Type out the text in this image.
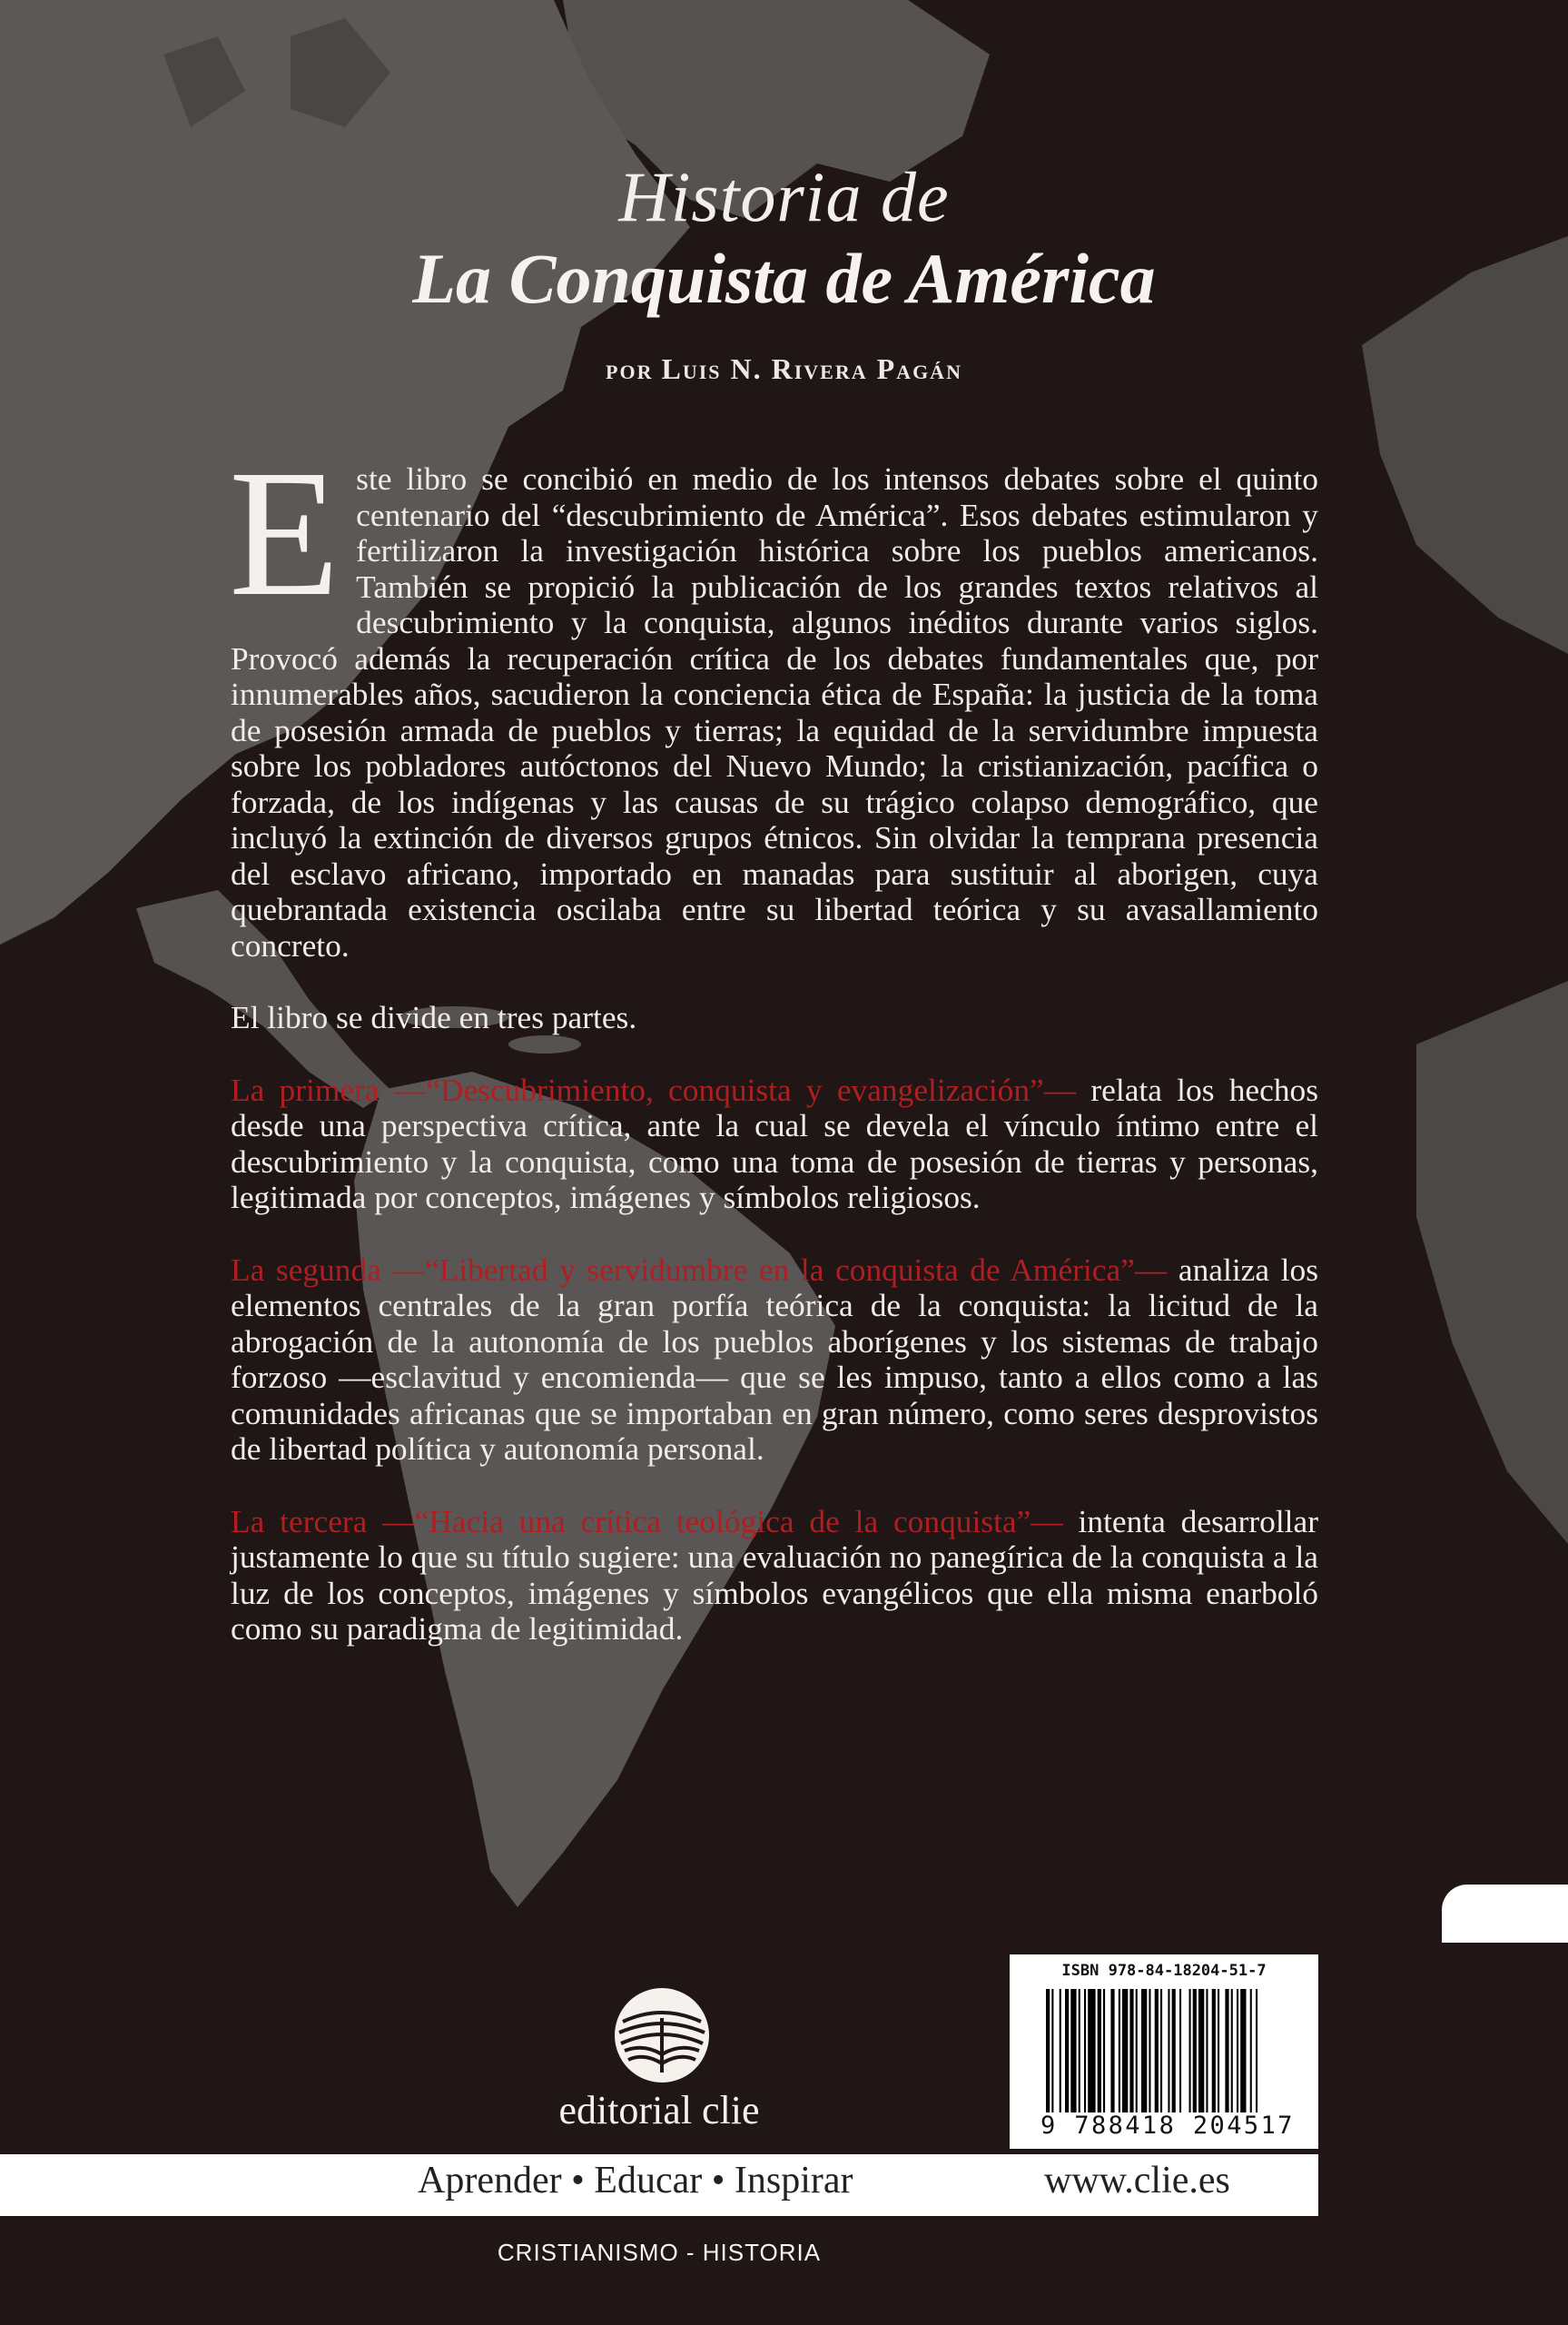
Historia de
La Conquista de América
por Luis N. Rivera Pagán

Este libro se concibió en medio de los intensos debates sobre el quinto centenario del “descubrimiento de América”. Esos debates estimularon y fertilizaron la investigación histórica sobre los pueblos americanos. También se propició la publicación de los grandes textos relativos al descubrimiento y la conquista, algunos inéditos durante varios siglos. Provocó además la recuperación crítica de los debates fundamentales que, por innumerables años, sacudieron la conciencia ética de España: la justicia de la toma de posesión armada de pueblos y tierras; la equidad de la servidumbre impuesta sobre los pobladores autóctonos del Nuevo Mundo; la cristianización, pacífica o forzada, de los indígenas y las causas de su trágico colapso demográfico, que incluyó la extinción de diversos grupos étnicos. Sin olvidar la temprana presencia del esclavo africano, importado en manadas para sustituir al aborigen, cuya quebrantada existencia oscilaba entre su libertad teórica y su avasallamiento concreto.

El libro se divide en tres partes.

La primera —“Descubrimiento, conquista y evangelización”— relata los hechos desde una perspectiva crítica, ante la cual se devela el vínculo íntimo entre el descubrimiento y la conquista, como una toma de posesión de tierras y personas, legitimada por conceptos, imágenes y símbolos religiosos.

La segunda —“Libertad y servidumbre en la conquista de América”— analiza los elementos centrales de la gran porfía teórica de la conquista: la licitud de la abrogación de la autonomía de los pueblos aborígenes y los sistemas de trabajo forzoso —esclavitud y encomienda— que se les impuso, tanto a ellos como a las comunidades africanas que se importaban en gran número, como seres desprovistos de libertad política y autonomía personal.

La tercera —“Hacia una crítica teológica de la conquista”— intenta desarrollar justamente lo que su título sugiere: una evaluación no panegírica de la conquista a la luz de los conceptos, imágenes y símbolos evangélicos que ella misma enarboló como su paradigma de legitimidad.

editorial clie
ISBN 978-84-18204-51-7
9 788418 204517
Aprender • Educar • Inspirar	www.clie.es
CRISTIANISMO - HISTORIA
